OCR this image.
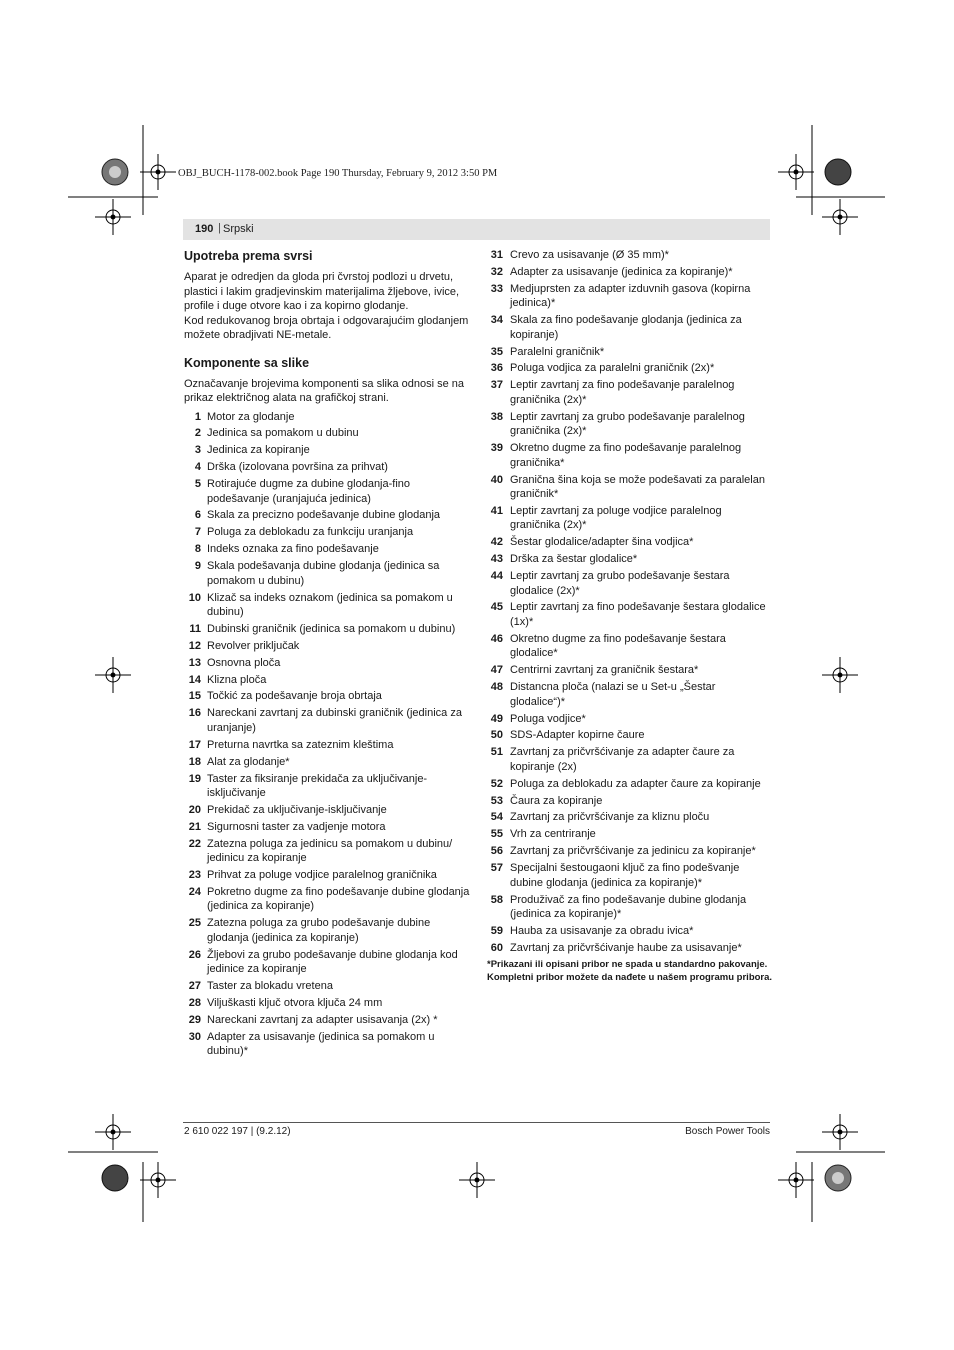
OBJ_BUCH-1178-002.book Page 190 Thursday, February 9, 2012 3:50 PM
190 | Srpski
Upotreba prema svrsi

Aparat je odredjen da gloda pri čvrstoj podlozi u drvetu, plastici i lakim gradjevinskim materijalima žljebove, ivice, profile i duge otvore kao i za kopirno glodanje.

Kod redukovanog broja obrtaja i odgovarajućim glodanjem možete obradjivati NE-metale.

Komponente sa slike

Označavanje brojevima komponenti sa slika odnosi se na prikaz električnog alata na grafičkoj strani.

1 Motor za glodanje
2 Jedinica sa pomakom u dubinu
3 Jedinica za kopiranje
4 Drška (izolovana površina za prihvat)
5 Rotirajuće dugme za dubine glodanja-fino podešavanje (uranjajuća jedinica)
6 Skala za precizno podešavanje dubine glodanja
7 Poluga za deblokadu za funkciju uranjanja
8 Indeks oznaka za fino podešavanje
9 Skala podešavanja dubine glodanja (jedinica sa pomakom u dubinu)
10 Klizač sa indeks oznakom (jedinica sa pomakom u dubinu)
11 Dubinski graničnik (jedinica sa pomakom u dubinu)
12 Revolver priključak
13 Osnovna ploča
14 Klizna ploča
15 Točkić za podešavanje broja obrtaja
16 Nareckani zavrtanj za dubinski graničnik (jedinica za uranjanje)
17 Preturna navrtka sa zateznim kleštima
18 Alat za glodanje*
19 Taster za fiksiranje prekidača za uključivanje-isključivanje
20 Prekidač za uključivanje-isključivanje
21 Sigurnosni taster za vadjenje motora
22 Zatezna poluga za jedinicu sa pomakom u dubinu/ jedinicu za kopiranje
23 Prihvat za poluge vodjice paralelnog graničnika
24 Pokretno dugme za fino podešavanje dubine glodanja (jedinica za kopiranje)
25 Zatezna poluga za grubo podešavanje dubine glodanja (jedinica za kopiranje)
26 Žljebovi za grubo podešavanje dubine glodanja kod jedinice za kopiranje
27 Taster za blokadu vretena
28 Viljuškasti ključ otvora ključa 24 mm
29 Nareckani zavrtanj za adapter usisavanja (2x) *
30 Adapter za usisavanje (jedinica sa pomakom u dubinu)*
31 Crevo za usisavanje (Ø 35 mm)*
32 Adapter za usisavanje (jedinica za kopiranje)*
33 Medjuprsten za adapter izduvnih gasova (kopirna jedinica)*
34 Skala za fino podešavanje glodanja (jedinica za kopiranje)
35 Paralelni graničnik*
36 Poluga vodjica za paralelni graničnik (2x)*
37 Leptir zavrtanj za fino podešavanje paralelnog graničnika (2x)*
38 Leptir zavrtanj za grubo podešavanje paralelnog graničnika (2x)*
39 Okretno dugme za fino podešavanje paralelnog graničnika*
40 Granična šina koja se može podešavati za paralelan graničnik*
41 Leptir zavrtanj za poluge vodjice paralelnog graničnika (2x)*
42 Šestar glodalice/adapter šina vodjica*
43 Drška za šestar glodalice*
44 Leptir zavrtanj za grubo podešavanje šestara glodalice (2x)*
45 Leptir zavrtanj za fino podešavanje šestara glodalice (1x)*
46 Okretno dugme za fino podešavanje šestara glodalice*
47 Centrirni zavrtanj za graničnik šestara*
48 Distancna ploča (nalazi se u Set-u „Šestar glodalice“)*
49 Poluga vodjice*
50 SDS-Adapter kopirne čaure
51 Zavrtanj za pričvršćivanje za adapter čaure za kopiranje (2x)
52 Poluga za deblokadu za adapter čaure za kopiranje
53 Čaura za kopiranje
54 Zavrtanj za pričvršćivanje za kliznu ploču
55 Vrh za centriranje
56 Zavrtanj za pričvršćivanje za jedinicu za kopiranje*
57 Specijalni šestougaoni ključ za fino podešvanje dubine glodanja (jedinica za kopiranje)*
58 Produživač za fino podešavanje dubine glodanja (jedinica za kopiranje)*
59 Hauba za usisavanje za obradu ivica*
60 Zavrtanj za pričvršćivanje haube za usisavanje*
*Prikazani ili opisani pribor ne spada u standardno pakovanje.
Kompletni pribor možete da nađete u našem programu pribora.
2 610 022 197 | (9.2.12)	Bosch Power Tools
